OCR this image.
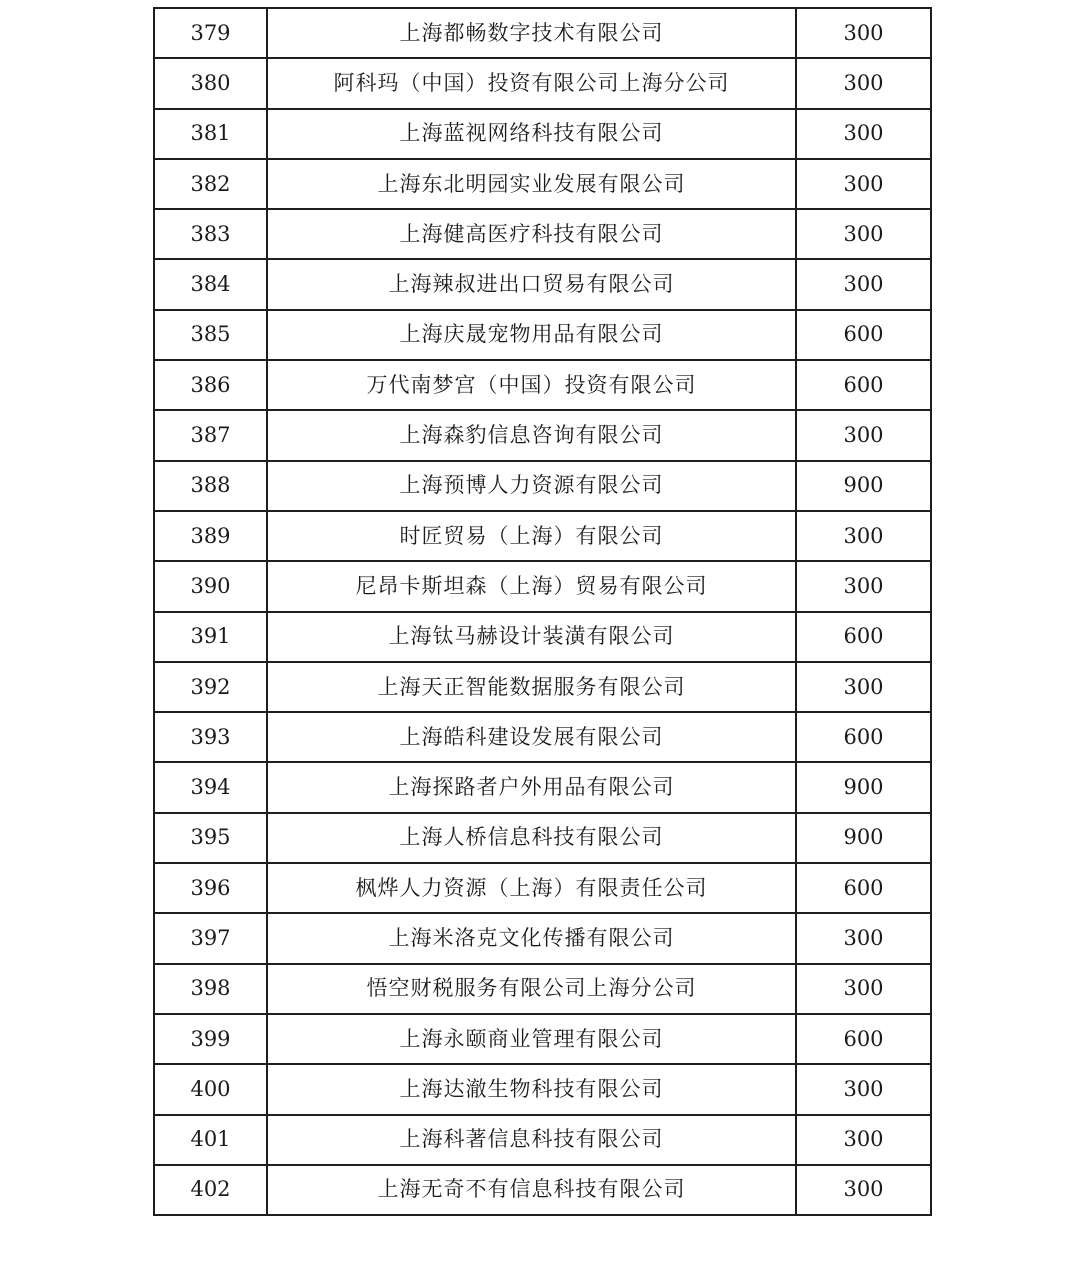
379	上海都畅数字技术有限公司	300
380	阿科玛（中国）投资有限公司上海分公司	300
381	上海蓝视网络科技有限公司	300
382	上海东北明园实业发展有限公司	300
383	上海健高医疗科技有限公司	300
384	上海辣叔进出口贸易有限公司	300
385	上海庆晟宠物用品有限公司	600
386	万代南梦宫（中国）投资有限公司	600
387	上海森豹信息咨询有限公司	300
388	上海预博人力资源有限公司	900
389	时匠贸易（上海）有限公司	300
390	尼昂卡斯坦森（上海）贸易有限公司	300
391	上海钛马赫设计装潢有限公司	600
392	上海天正智能数据服务有限公司	300
393	上海皓科建设发展有限公司	600
394	上海探路者户外用品有限公司	900
395	上海人桥信息科技有限公司	900
396	枫烨人力资源（上海）有限责任公司	600
397	上海米洛克文化传播有限公司	300
398	悟空财税服务有限公司上海分公司	300
399	上海永颐商业管理有限公司	600
400	上海达澈生物科技有限公司	300
401	上海科著信息科技有限公司	300
402	上海无奇不有信息科技有限公司	300
